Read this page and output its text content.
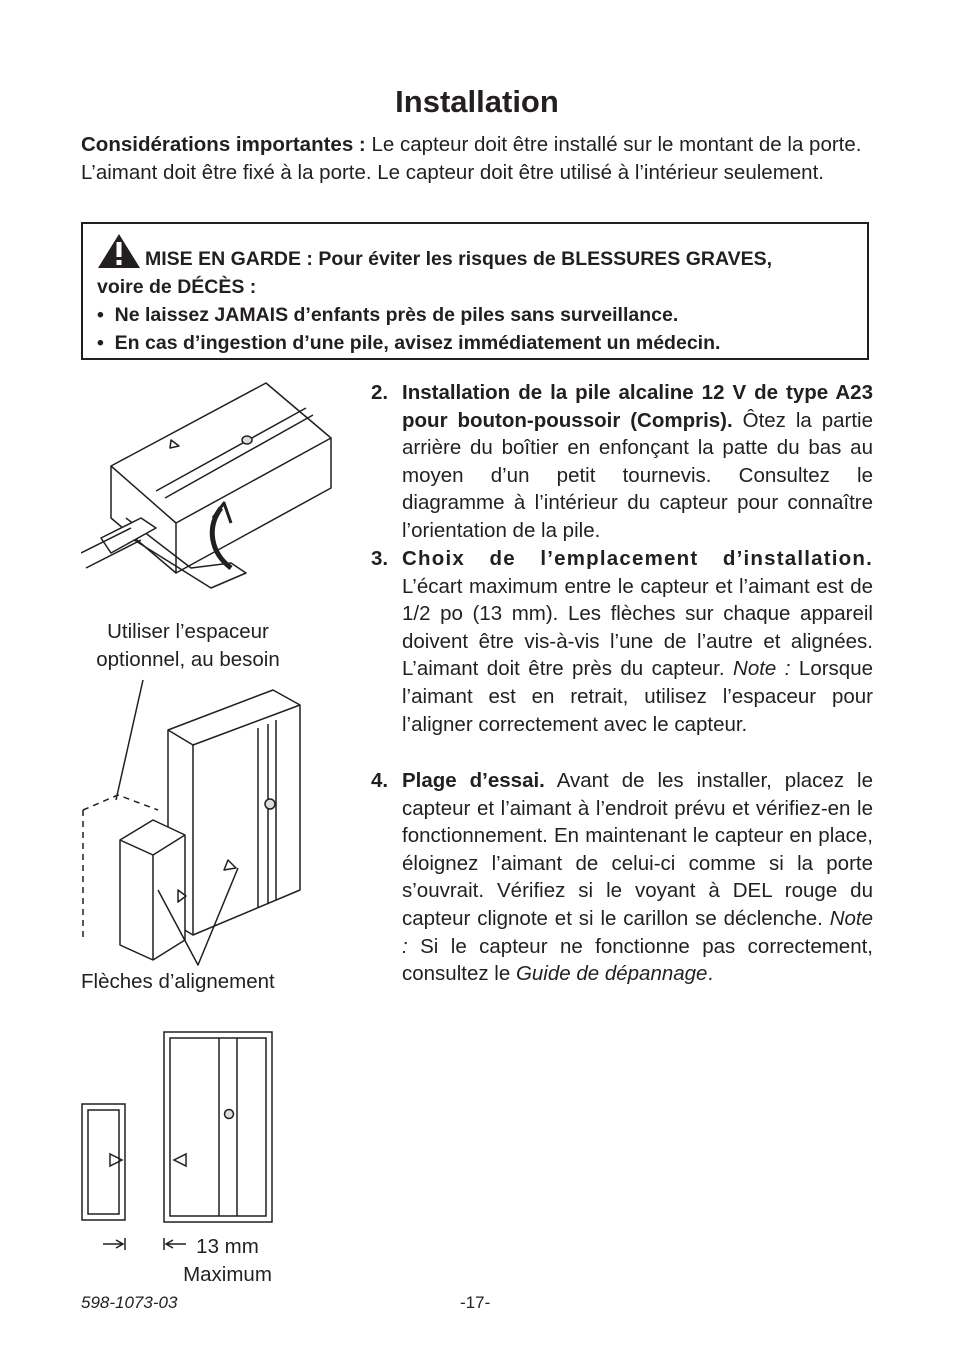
Installation
Considérations importantes : Le capteur doit être installé sur le montant de la porte. L’aimant doit être fixé à la porte. Le capteur doit être utilisé à l’intérieur seulement.
MISE EN GARDE : Pour éviter les risques de BLESSURES GRAVES,
voire de DÉCÈS :
•  Ne laissez JAMAIS d’enfants près de piles sans surveillance.
•  En cas d’ingestion d’une pile, avisez immédiatement un médecin.
2. Installation de la pile alcaline 12 V de type A23 pour bouton-poussoir (Compris). Ôtez la partie arrière du boîtier en enfonçant la patte du bas au moyen d’un petit tournevis. Consultez le diagramme à l’intérieur du capteur pour connaître l’orientation de la pile.
3. Choix de l’emplacement d’installation. L’écart maximum entre le capteur et l’aimant est de 1/2 po (13 mm). Les flèches sur chaque appareil doivent être vis-à-vis l’une de l’autre et alignées. L’aimant doit être près du capteur. Note : Lorsque l’aimant est en retrait, utilisez l’espaceur pour l’aligner correctement avec le capteur.
4. Plage d’essai. Avant de les installer, placez le capteur et l’aimant à l’endroit prévu et vérifiez-en le fonctionnement. En maintenant le capteur en place, éloignez l’aimant de celui-ci comme si la porte s’ouvrait. Vérifiez si le voyant à DEL rouge du capteur clignote et si le carillon se déclenche. Note : Si le capteur ne fonctionne pas correctement, consultez le Guide de dépannage.
Utiliser l’espaceur
optionnel, au besoin
Flèches d’alignement
13 mm
Maximum
598-1073-03	-17-
